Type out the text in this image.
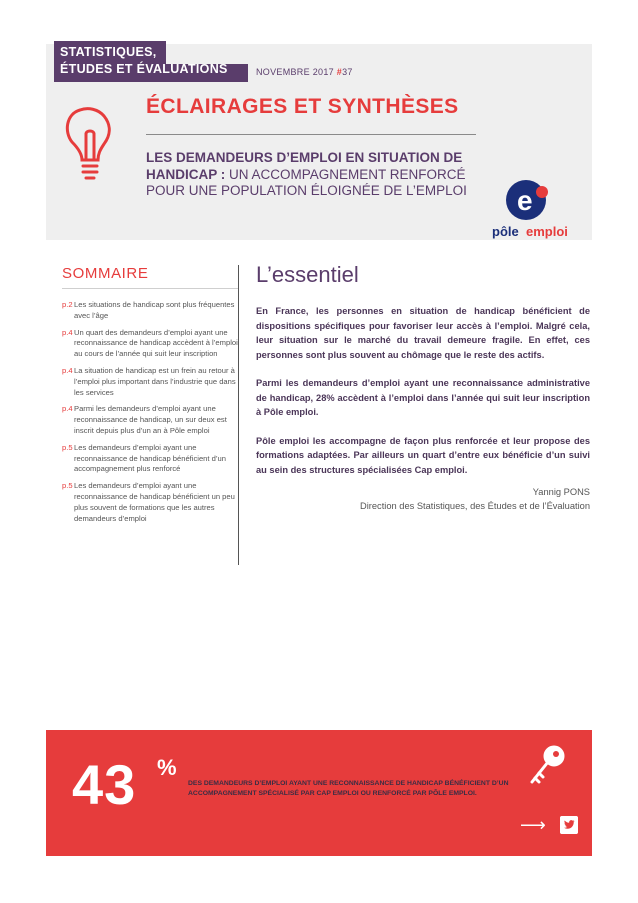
STATISTIQUES,
ÉTUDES ET ÉVALUATIONS	NOVEMBRE 2017 #37
ÉCLAIRAGES ET SYNTHÈSES
LES DEMANDEURS D’EMPLOI EN SITUATION DE HANDICAP : UN ACCOMPAGNEMENT RENFORCÉ POUR UNE POPULATION ÉLOIGNÉE DE L’EMPLOI	e
pôle emploi
SOMMAIRE
p.2 Les situations de handicap sont plus fréquentes avec l’âge
p.4 Un quart des demandeurs d’emploi ayant une reconnaissance de handicap accèdent à l’emploi au cours de l’année qui suit leur inscription
p.4 La situation de handicap est un frein au retour à l’emploi plus important dans l’industrie que dans les services
p.4 Parmi les demandeurs d’emploi ayant une reconnaissance de handicap, un sur deux est inscrit depuis plus d’un an à Pôle emploi
p.5 Les demandeurs d’emploi ayant une reconnaissance de handicap bénéficient d’un accompagnement plus renforcé
p.5 Les demandeurs d’emploi ayant une reconnaissance de handicap bénéficient un peu plus souvent de formations que les autres demandeurs d’emploi
L’essentiel

En France, les personnes en situation de handicap bénéficient de dispositions spécifiques pour favoriser leur accès à l’emploi. Malgré cela, leur situation sur le marché du travail demeure fragile. En effet, ces personnes sont plus souvent au chômage que le reste des actifs.

Parmi les demandeurs d’emploi ayant une reconnaissance administrative de handicap, 28% accèdent à l’emploi dans l’année qui suit leur inscription à Pôle emploi.

Pôle emploi les accompagne de façon plus renforcée et leur propose des formations adaptées. Par ailleurs un quart d’entre eux bénéficie d’un suivi au sein des structures spécialisées Cap emploi.

Yannig PONS
Direction des Statistiques, des Études et de l’Évaluation
43 %
DES DEMANDEURS D’EMPLOI AYANT UNE RECONNAISSANCE DE HANDICAP BÉNÉFICIENT D’UN ACCOMPAGNEMENT SPÉCIALISÉ PAR CAP EMPLOI OU RENFORCÉ PAR PÔLE EMPLOI.
⟶
